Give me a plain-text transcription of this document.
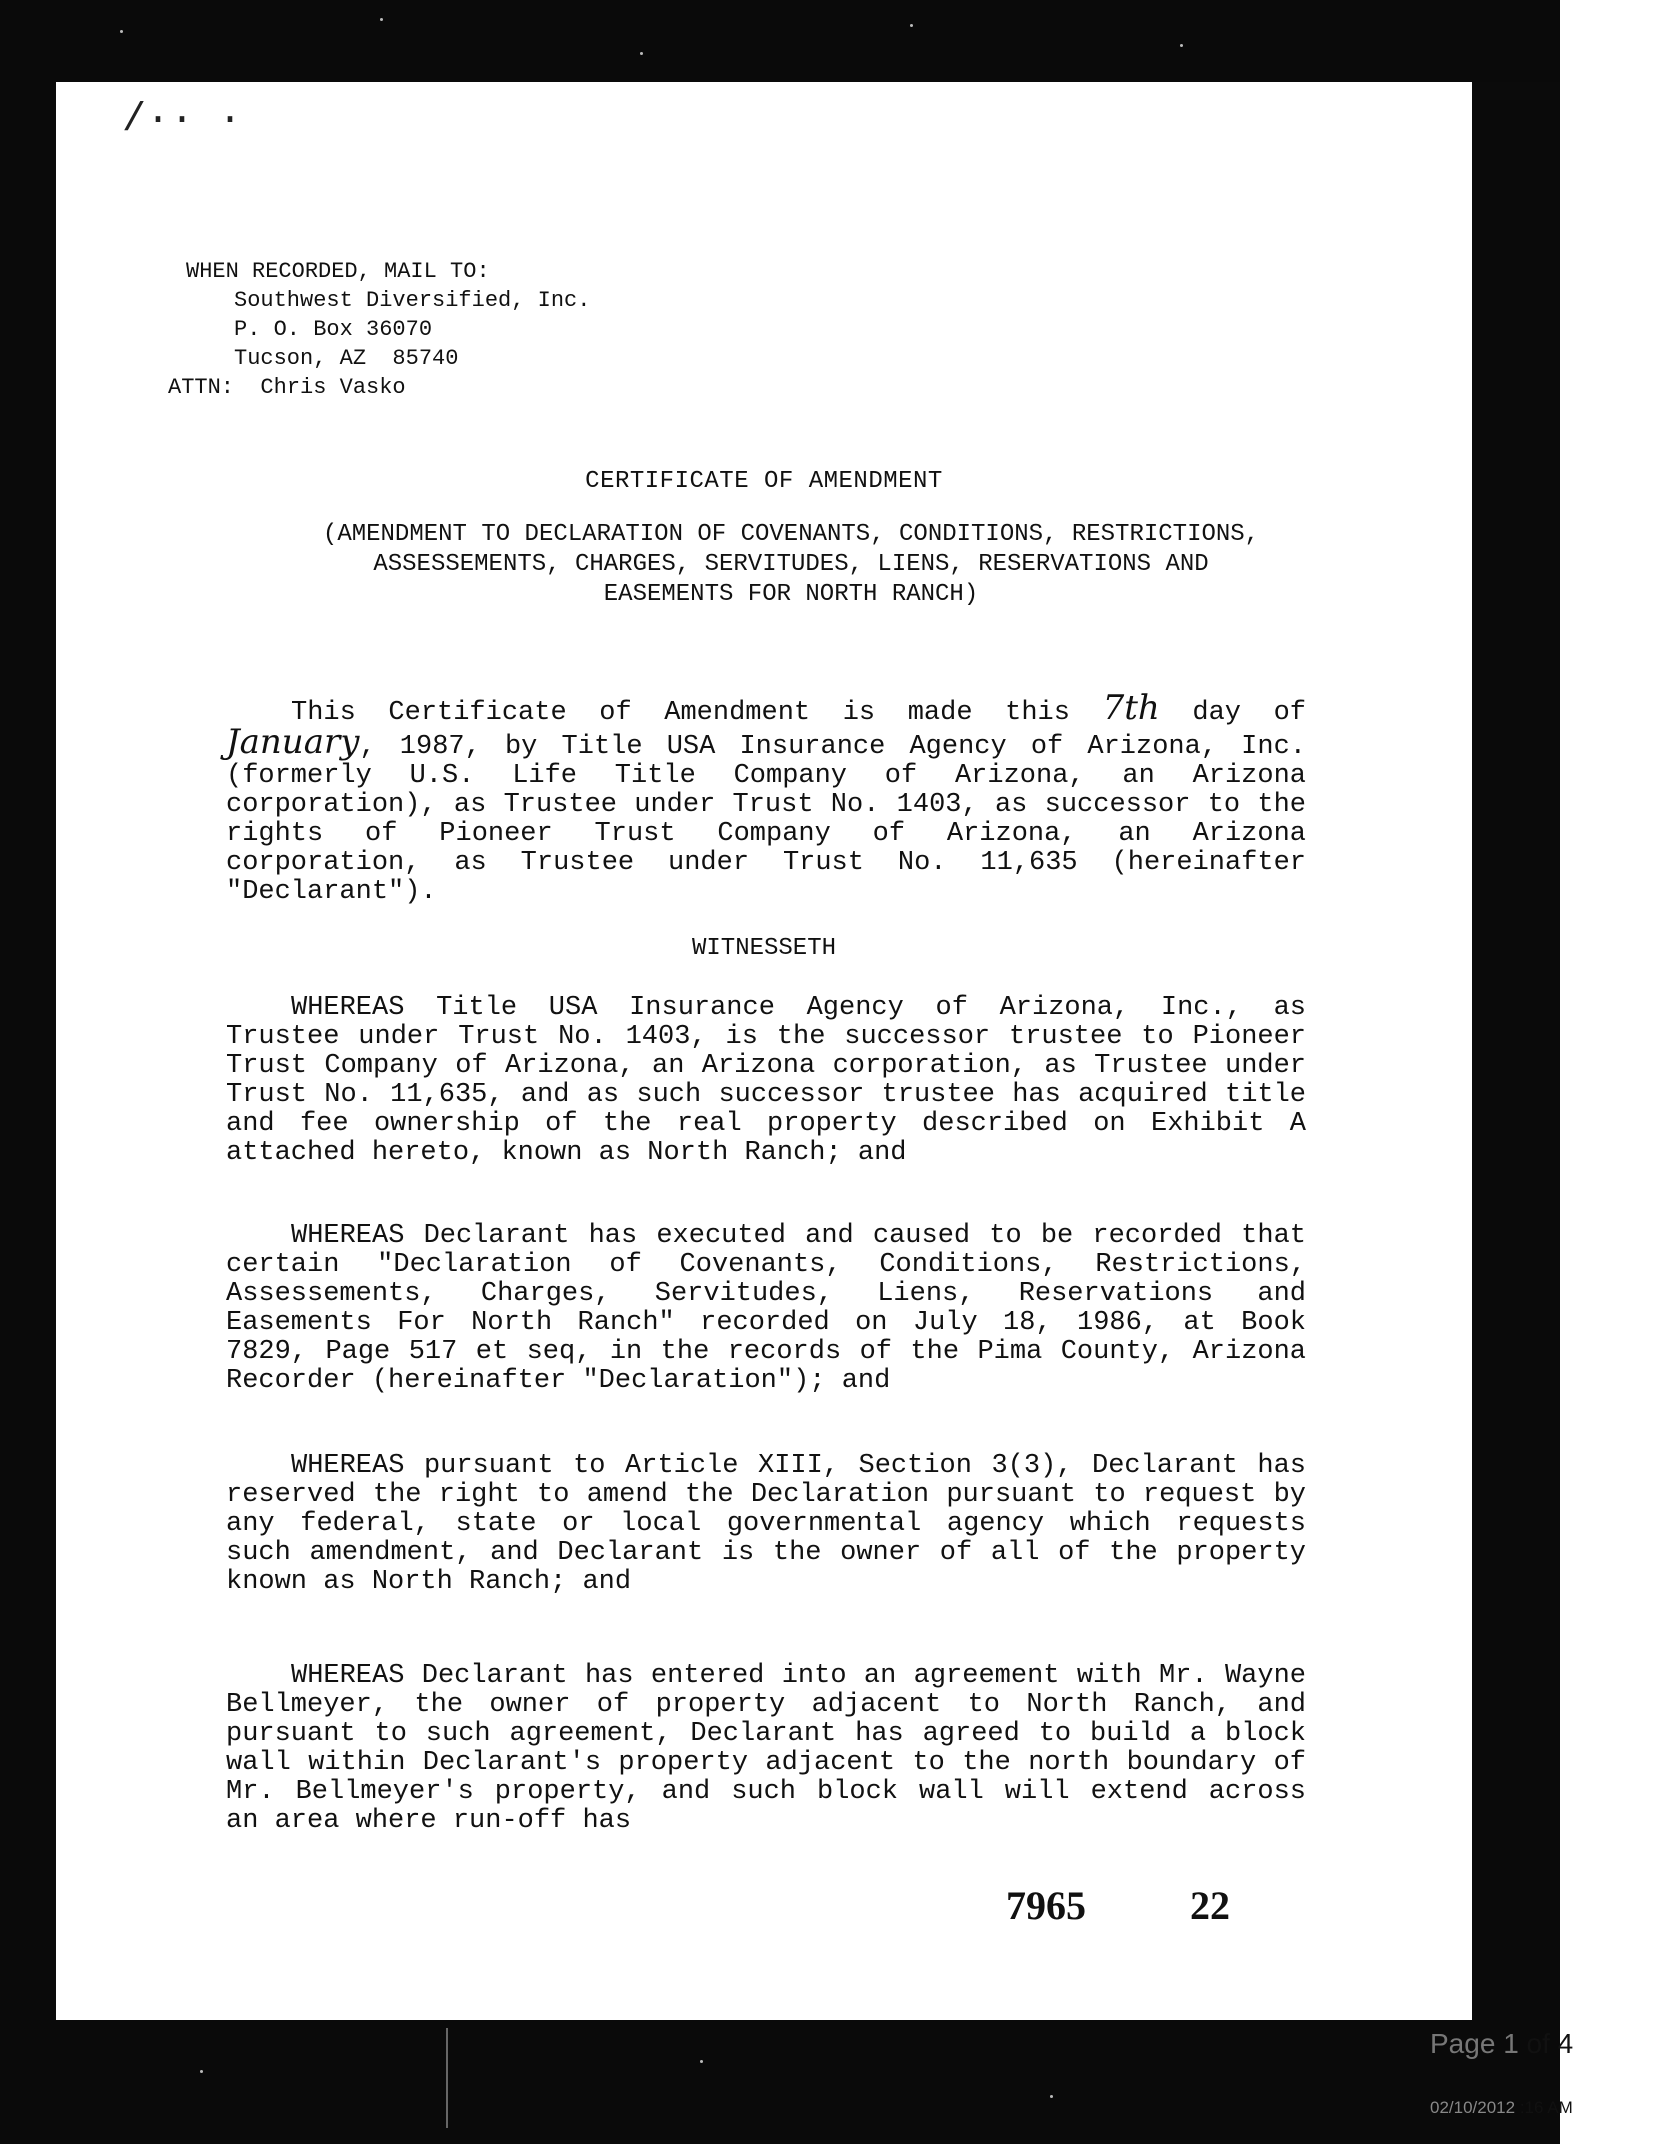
/·· ·
WHEN RECORDED, MAIL TO:
Southwest Diversified, Inc.
P. O. Box 36070
Tucson, AZ  85740
ATTN:  Chris Vasko
CERTIFICATE OF AMENDMENT
(AMENDMENT TO DECLARATION OF COVENANTS, CONDITIONS, RESTRICTIONS, ASSESSEMENTS, CHARGES, SERVITUDES, LIENS, RESERVATIONS AND EASEMENTS FOR NORTH RANCH)
This Certificate of Amendment is made this 7th day of January, 1987, by Title USA Insurance Agency of Arizona, Inc. (formerly U.S. Life Title Company of Arizona, an Arizona corporation), as Trustee under Trust No. 1403, as successor to the rights of Pioneer Trust Company of Arizona, an Arizona corporation, as Trustee under Trust No. 11,635 (hereinafter "Declarant").
WITNESSETH
WHEREAS Title USA Insurance Agency of Arizona, Inc., as Trustee under Trust No. 1403, is the successor trustee to Pioneer Trust Company of Arizona, an Arizona corporation, as Trustee under Trust No. 11,635, and as such successor trustee has acquired title and fee ownership of the real property described on Exhibit A attached hereto, known as North Ranch; and
WHEREAS Declarant has executed and caused to be recorded that certain "Declaration of Covenants, Conditions, Restrictions, Assessements, Charges, Servitudes, Liens, Reservations and Easements For North Ranch" recorded on July 18, 1986, at Book 7829, Page 517 et seq, in the records of the Pima County, Arizona Recorder (hereinafter "Declaration"); and
WHEREAS pursuant to Article XIII, Section 3(3), Declarant has reserved the right to amend the Declaration pursuant to request by any federal, state or local governmental agency which requests such amendment, and Declarant is the owner of all of the property known as North Ranch; and
WHEREAS Declarant has entered into an agreement with Mr. Wayne Bellmeyer, the owner of property adjacent to North Ranch, and pursuant to such agreement, Declarant has agreed to build a block wall within Declarant's property adjacent to the north boundary of Mr. Bellmeyer's property, and such block wall will extend across an area where run-off has
7965	22
Page 1 of 4
02/10/2012 :16 AM
